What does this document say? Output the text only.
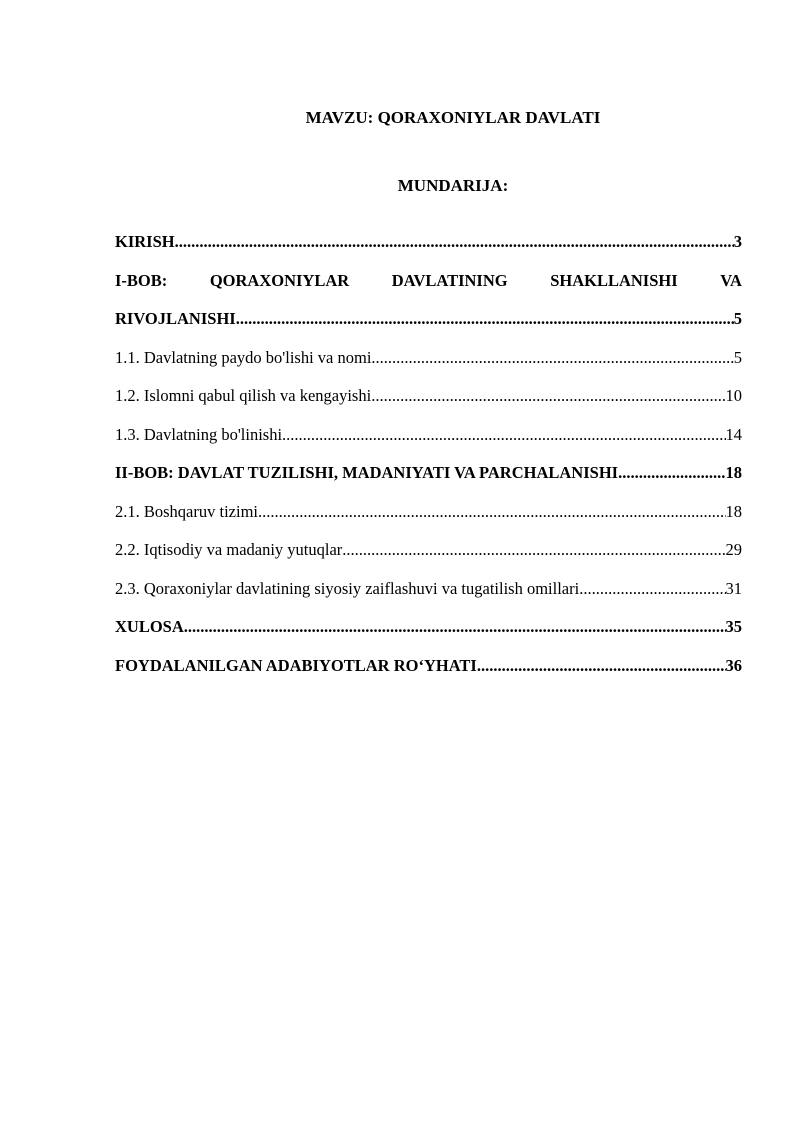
MAVZU: QORAXONIYLAR DAVLATI
MUNDARIJA:
KIRISH .....	3
I-BOB:	QORAXONIYLAR	DAVLATINING	SHAKLLANISHI	VA
RIVOJLANISHI .....	5
1.1. Davlatning paydo bo'lishi va nomi .....	5
1.2. Islomni qabul qilish va kengayishi .....	10
1.3. Davlatning bo'linishi .....	14
II-BOB: DAVLAT TUZILISHI, MADANIYATI VA PARCHALANISHI .....	18
2.1. Boshqaruv tizimi .....	18
2.2. Iqtisodiy va madaniy yutuqlar .....	29
2.3. Qoraxoniylar davlatining siyosiy zaiflashuvi va tugatilish omillari .....	31
XULOSA .....	35
FOYDALANILGAN ADABIYOTLAR RO‘YHATI .....	36
